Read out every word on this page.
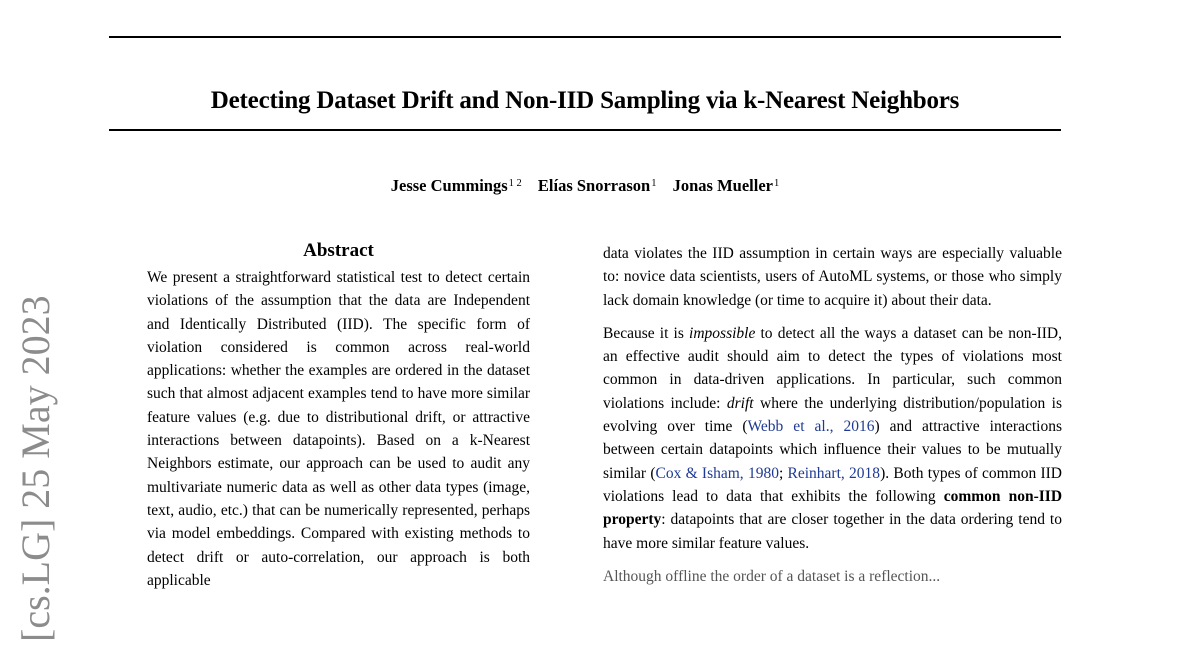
Detecting Dataset Drift and Non-IID Sampling via k-Nearest Neighbors
Jesse Cummings$^{1 2}$ Elías Snorrason$^1$ Jonas Mueller$^1$
[cs.LG] 25 May 2023
Abstract

We present a straightforward statistical test to detect certain violations of the assumption that the data are Independent and Identically Distributed (IID). The specific form of violation considered is common across real-world applications: whether the examples are ordered in the dataset such that almost adjacent examples tend to have more similar feature values (e.g. due to distributional drift, or attractive interactions between datapoints). Based on a k-Nearest Neighbors estimate, our approach can be used to audit any multivariate numeric data as well as other data types (image, text, audio, etc.) that can be numerically represented, perhaps via model embeddings. Compared with existing methods to detect drift or auto-correlation, our approach is both applicable

data violates the IID assumption in certain ways are especially valuable to: novice data scientists, users of AutoML systems, or those who simply lack domain knowledge (or time to acquire it) about their data.

Because it is impossible to detect all the ways a dataset can be non-IID, an effective audit should aim to detect the types of violations most common in data-driven applications. In particular, such common violations include: drift where the underlying distribution/population is evolving over time (Webb et al., 2016) and attractive interactions between certain datapoints which influence their values to be mutually similar (Cox & Isham, 1980; Reinhart, 2018). Both types of common IID violations lead to data that exhibits the following common non-IID property: datapoints that are closer together in the data ordering tend to have more similar feature values.

Although offline the order of a dataset is a reflection...
